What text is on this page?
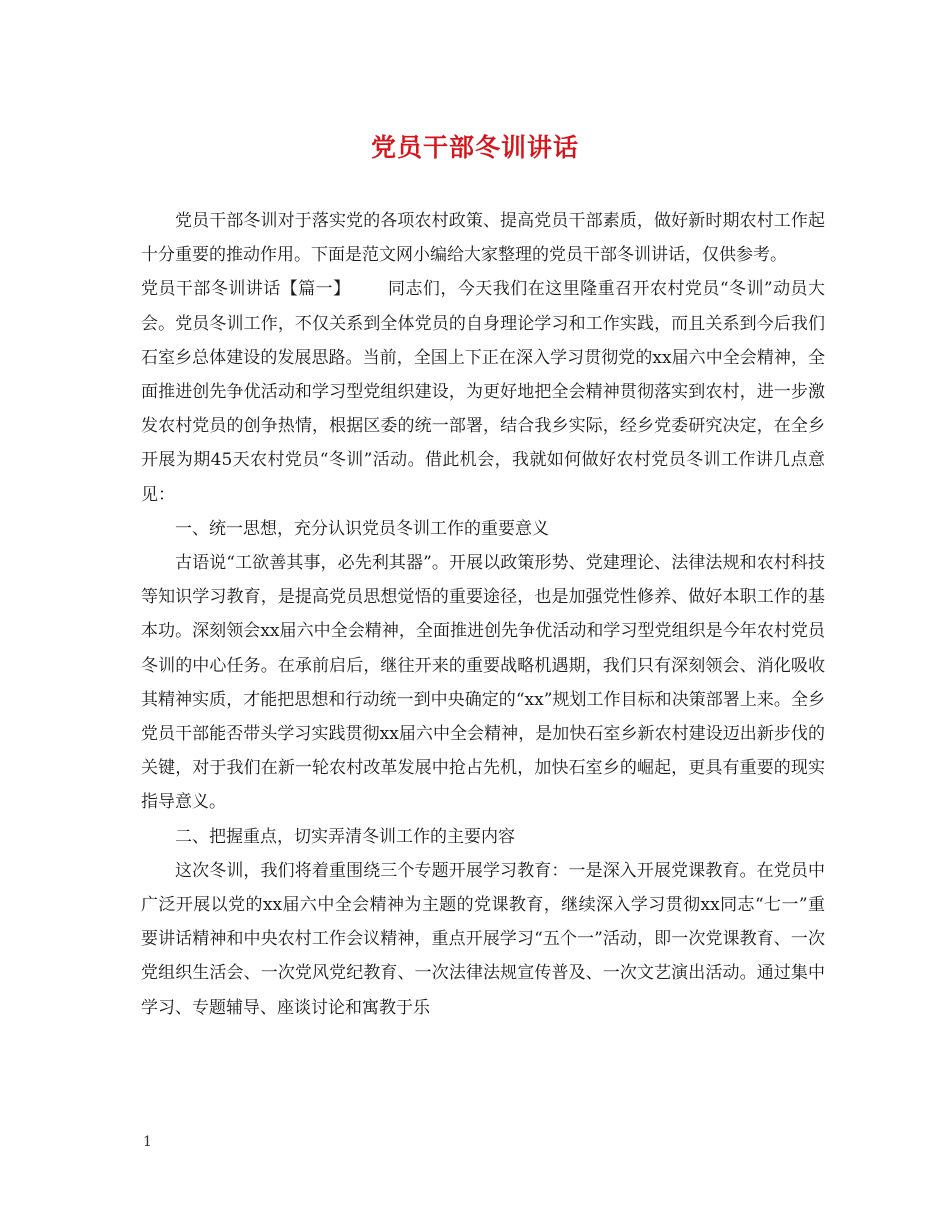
党员干部冬训讲话

党员干部冬训对于落实党的各项农村政策、提高党员干部素质，做好新时期农村工作起十分重要的推动作用。下面是范文网小编给大家整理的党员干部冬训讲话，仅供参考。

党员干部冬训讲话【篇一】 同志们，今天我们在这里隆重召开农村党员“冬训”动员大会。党员冬训工作，不仅关系到全体党员的自身理论学习和工作实践，而且关系到今后我们石室乡总体建设的发展思路。当前，全国上下正在深入学习贯彻党的xx届六中全会精神，全面推进创先争优活动和学习型党组织建设，为更好地把全会精神贯彻落实到农村，进一步激发农村党员的创争热情，根据区委的统一部署，结合我乡实际，经乡党委研究决定，在全乡开展为期45天农村党员“冬训”活动。借此机会，我就如何做好农村党员冬训工作讲几点意见：

一、统一思想，充分认识党员冬训工作的重要意义

古语说“工欲善其事，必先利其器”。开展以政策形势、党建理论、法律法规和农村科技等知识学习教育，是提高党员思想觉悟的重要途径，也是加强党性修养、做好本职工作的基本功。深刻领会xx届六中全会精神，全面推进创先争优活动和学习型党组织是今年农村党员冬训的中心任务。在承前启后，继往开来的重要战略机遇期，我们只有深刻领会、消化吸收其精神实质，才能把思想和行动统一到中央确定的“xx”规划工作目标和决策部署上来。全乡党员干部能否带头学习实践贯彻xx届六中全会精神，是加快石室乡新农村建设迈出新步伐的关键，对于我们在新一轮农村改革发展中抢占先机，加快石室乡的崛起，更具有重要的现实指导意义。

二、把握重点，切实弄清冬训工作的主要内容

这次冬训，我们将着重围绕三个专题开展学习教育：一是深入开展党课教育。在党员中广泛开展以党的xx届六中全会精神为主题的党课教育，继续深入学习贯彻xx同志“七一”重要讲话精神和中央农村工作会议精神，重点开展学习“五个一”活动，即一次党课教育、一次党组织生活会、一次党风党纪教育、一次法律法规宣传普及、一次文艺演出活动。通过集中学习、专题辅导、座谈讨论和寓教于乐

1
